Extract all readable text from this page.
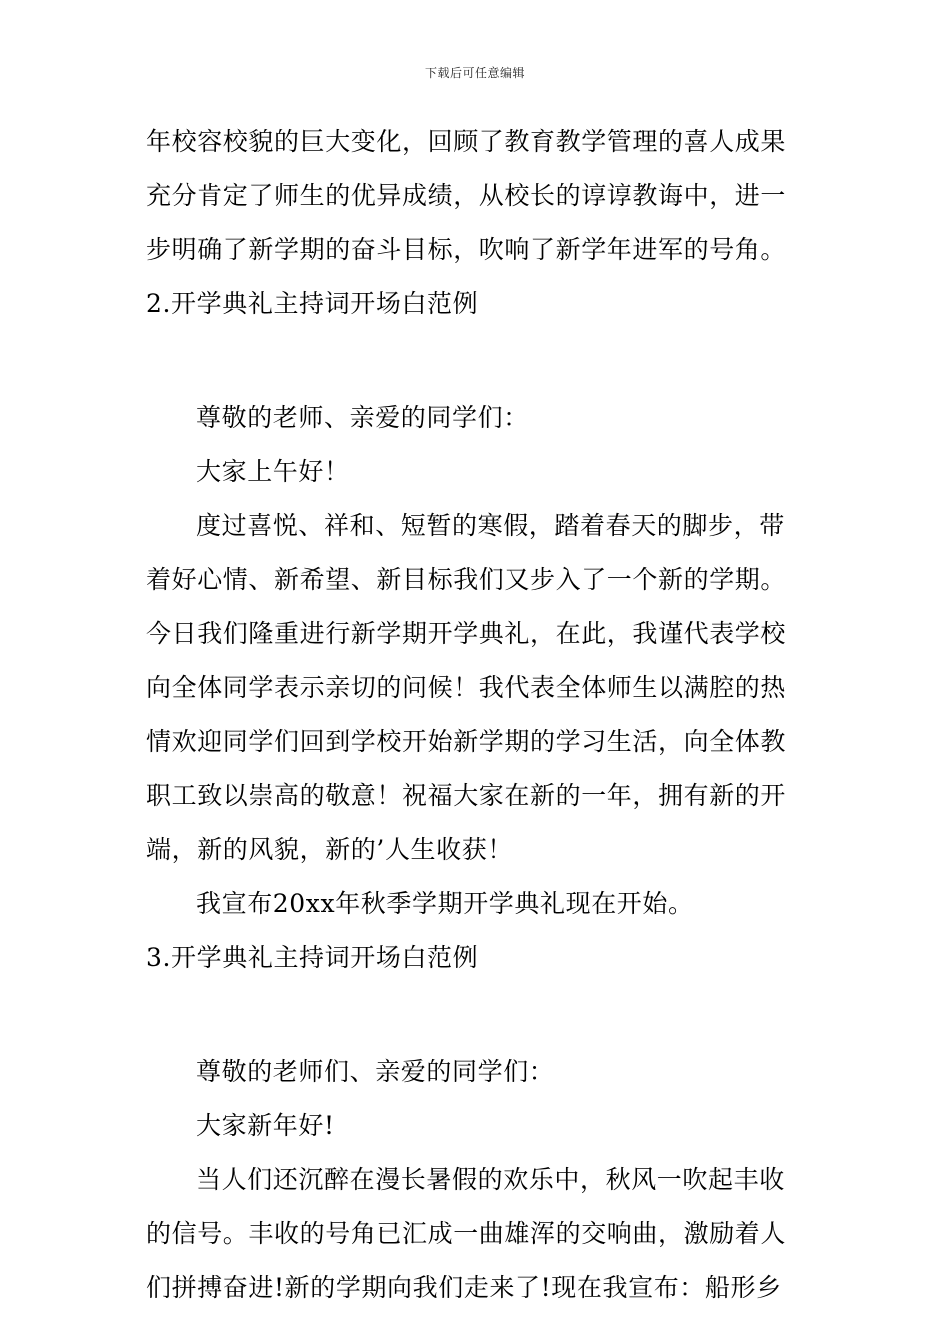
下载后可任意编辑
年校容校貌的巨大变化，回顾了教育教学管理的喜人成果
充分肯定了师生的优异成绩，从校长的谆谆教诲中，进一
步明确了新学期的奋斗目标，吹响了新学年进军的号角。
2.开学典礼主持词开场白范例
尊敬的老师、亲爱的同学们：
大家上午好！
度过喜悦、祥和、短暂的寒假，踏着春天的脚步，带
着好心情、新希望、新目标我们又步入了一个新的学期。
今日我们隆重进行新学期开学典礼，在此，我谨代表学校
向全体同学表示亲切的问候！我代表全体师生以满腔的热
情欢迎同学们回到学校开始新学期的学习生活，向全体教
职工致以崇高的敬意！祝福大家在新的一年，拥有新的开
端，新的风貌，新的’人生收获！
我宣布20xx年秋季学期开学典礼现在开始。
3.开学典礼主持词开场白范例
尊敬的老师们、亲爱的同学们：
大家新年好!
当人们还沉醉在漫长暑假的欢乐中，秋风一吹起丰收
的信号。丰收的号角已汇成一曲雄浑的交响曲，激励着人
们拼搏奋进!新的学期向我们走来了!现在我宣布：船形乡
